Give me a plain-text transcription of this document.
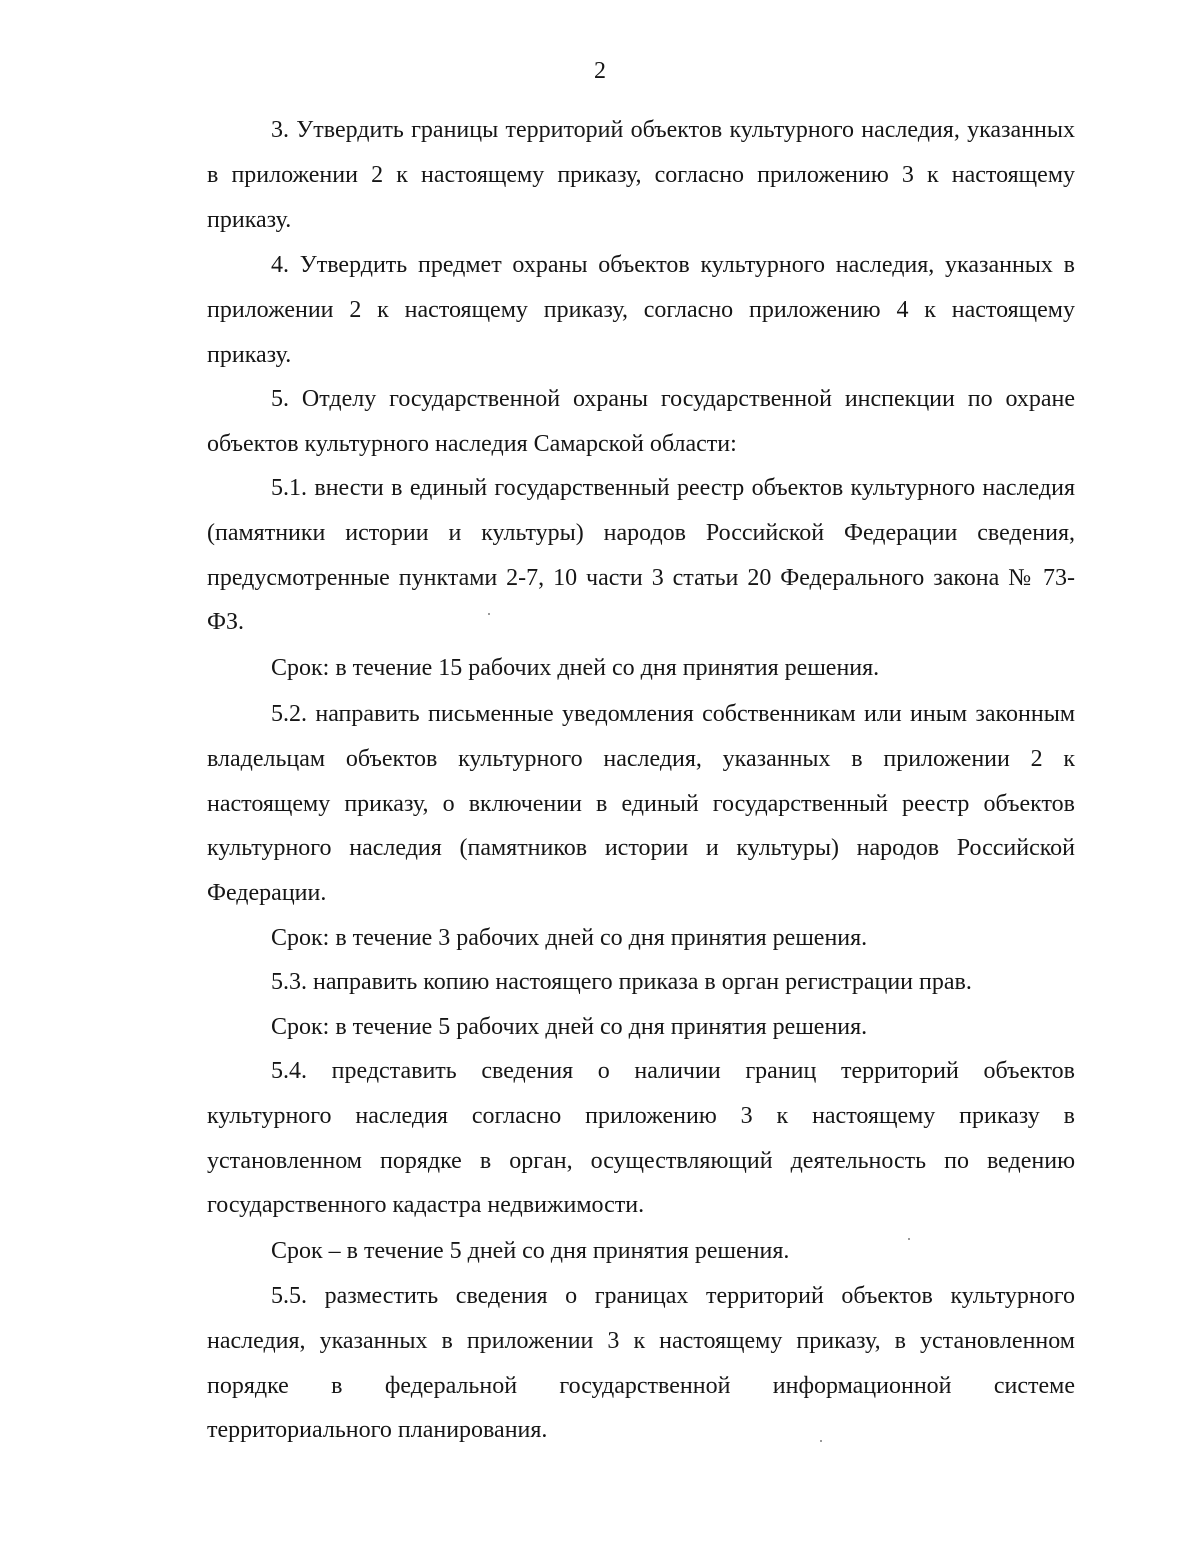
2

3. Утвердить границы территорий объектов культурного наследия, указанных в приложении 2 к настоящему приказу, согласно приложению 3 к настоящему приказу.

4. Утвердить предмет охраны объектов культурного наследия, указанных в приложении 2 к настоящему приказу, согласно приложению 4 к настоящему приказу.

5. Отделу государственной охраны государственной инспекции по охране объектов культурного наследия Самарской области:

5.1. внести в единый государственный реестр объектов культурного наследия (памятники истории и культуры) народов Российской Федерации сведения, предусмотренные пунктами 2-7, 10 части 3 статьи 20 Федерального закона № 73-ФЗ.

Срок: в течение 15 рабочих дней со дня принятия решения.

5.2. направить письменные уведомления собственникам или иным законным владельцам объектов культурного наследия, указанных в приложении 2 к настоящему приказу, о включении в единый государственный реестр объектов культурного наследия (памятников истории и культуры) народов Российской Федерации.

Срок: в течение 3 рабочих дней со дня принятия решения.

5.3. направить копию настоящего приказа в орган регистрации прав.

Срок: в течение 5 рабочих дней со дня принятия решения.

5.4. представить сведения о наличии границ территорий объектов культурного наследия согласно приложению 3 к настоящему приказу в установленном порядке в орган, осуществляющий деятельность по ведению государственного кадастра недвижимости.

Срок – в течение 5 дней со дня принятия решения.

5.5. разместить сведения о границах территорий объектов культурного наследия, указанных в приложении 3 к настоящему приказу, в установленном порядке в федеральной государственной информационной системе территориального планирования.
